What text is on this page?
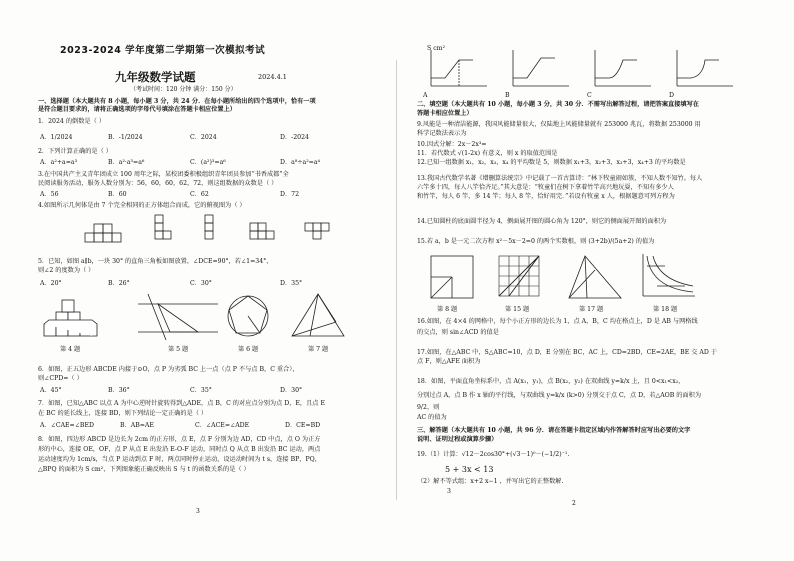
2023-2024 学年度第二学期第一次模拟考试
九年级数学试题	2024.4.1
（考试时间：120 分钟 满分：150 分）
一、选择题（本大题共有 8 小题，每小题 3 分，共 24 分．在每小题所给出的四个选项中，恰有一项
是符合题目要求的，请将正确选项的字母代号填涂在答题卡相应位置上）
1．2024 的倒数是（ ）
A．1/2024	B．-1/2024	C．2024	D．-2024
2．下列计算正确的是（ ）
A．a²+a=a³	B．a²·a³=a⁶	C．(a²)³=a⁶	D．a⁸÷a²=a⁴
3.在中国共产主义青年团成立 100 周年之际，某校团委积极组织青年团员参加“书香成都”全
民阅读服务活动，服务人数分别为：56，60，60，62，72，则这组数据的众数是（ ）
A．56	B．60	C．62	D．72
4.如图所示几何体是由 7 个完全相同的正方体组合而成，它的俯视图为（ ）
5．已知，如图 a∥b，一块 30° 的直角三角板如图放置，∠DCE=90°，若∠1=34°，
则∠2 的度数为（ ）
A．20°	B．26°	C．30°	D．35°
第 4 题	第 5 题	第 6 题	第 7 题
6．如图，正五边形 ABCDE 内接于⊙O，点 P 为劣弧 BC 上一点（点 P 不与点 B，C 重合），
则∠CPD=（ ）
A．45°	B．36°	C．35°	D．30°
7．如图，已知△ABC 以点 A 为中心逆时针旋转得到△ADE，点 B，C 的对应点分别为点 D，E，且点 E
在 BC 的延长线上，连接 BD，则下列结论一定正确的是（ ）
A．∠CAE=∠BED	B．AB=AE	C．∠ACE=∠ADE	D．CE=BD
8．如图，四边形 ABCD 是边长为 2cm 的正方形，点 E，点 F 分别为边 AD，CD 中点，点 O 为正方
形的中心，连接 OE，OF，点 P 从点 E 出发沿 E-O-F 运动，同时点 Q 从点 B 出发沿 BC 运动，两点
运动速度均为 1cm/s，当点 P 运动到点 F 时，两点同时停止运动，设运动时间为 t s，连接 BP，PQ，
△BPQ 的面积为 S cm²，下列图象能正确反映出 S 与 t 的函数关系的是（ ）
3
S cm²
A	B	C	D
二、填空题（本大题共有 10 小题，每小题 3 分，共 30 分．不需写出解答过程，请把答案直接填写在
答题卡相应位置上）
9.风能是一种清洁能源，我国风能储量很大，仅陆地上风能储量就有 253000 兆瓦，将数据 253000 用
科学记数法表示为
10.因式分解：2x－2x³=
11．若代数式 √(1-2x) 有意义，则 x 的取值范围是
12.已知一组数据 x₁，x₂，x₃，x₄ 的平均数是 5，则数据 x₁+3，x₂+3，x₃+3，x₄+3 的平均数是
13.我国古代数学名著《增删算法统宗》中记载了一首古算诗：“林下牧童闹如簇，不知人数不知竹。每人
六竿多十四，每人八竿恰齐足。”其大意是：“牧童们在树下拿着竹竿高兴地玩耍，不知有多少人
和竹竿，每人 6 竿，多 14 竿；每人 8 竿，恰好用完．”若设有牧童 x 人，根据题意可列方程为
14.已知圆柱的底面圆半径为 4，侧面展开图的圆心角为 120°，则它的侧面展开图的面积为
15.若 a，b 是一元二次方程 x²－5x－2=0 的两个实数根，则 (3+2b)/(5a+2) 的值为
第 8 题	第 15 题	第 17 题	第 18 题
16.如图，在 4×4 的网格中，每个小正方形的边长为 1，点 A，B，C 均在格点上，D 是 AB 与网格线
的交点，则 sin∠ACD 的值是
17.如图，在△ABC 中，S△ABC=10，点 D，E 分别在 BC，AC 上，CD=2BD，CE=2AE，BE 交 AD 于
点 F，则△AFE 面积为
18．如图，平面直角坐标系中，点 A(x₁，y₁)，点 B(x₂，y₂) 在双曲线 y=k/x 上，且 0<x₁<x₂，
分别过点 A，点 B 作 x 轴的平行线，与双曲线 y=k/x (k>0) 分别交于点 C，点 D，若△AOB 的面积为
9/2，则
AC 的值为
三、解答题（本大题共有 10 小题，共 96 分．请在答题卡指定区域内作答解答时应写出必要的文字
说明、证明过程或演算步骤）
19.（1）计算：√12－2cos30°+(√3－1)⁰－(−1/2)⁻¹.
5 + 3x < 13
（2）解不等式组：x+2 x−1 ，并写出它的正整数解.
3
2
